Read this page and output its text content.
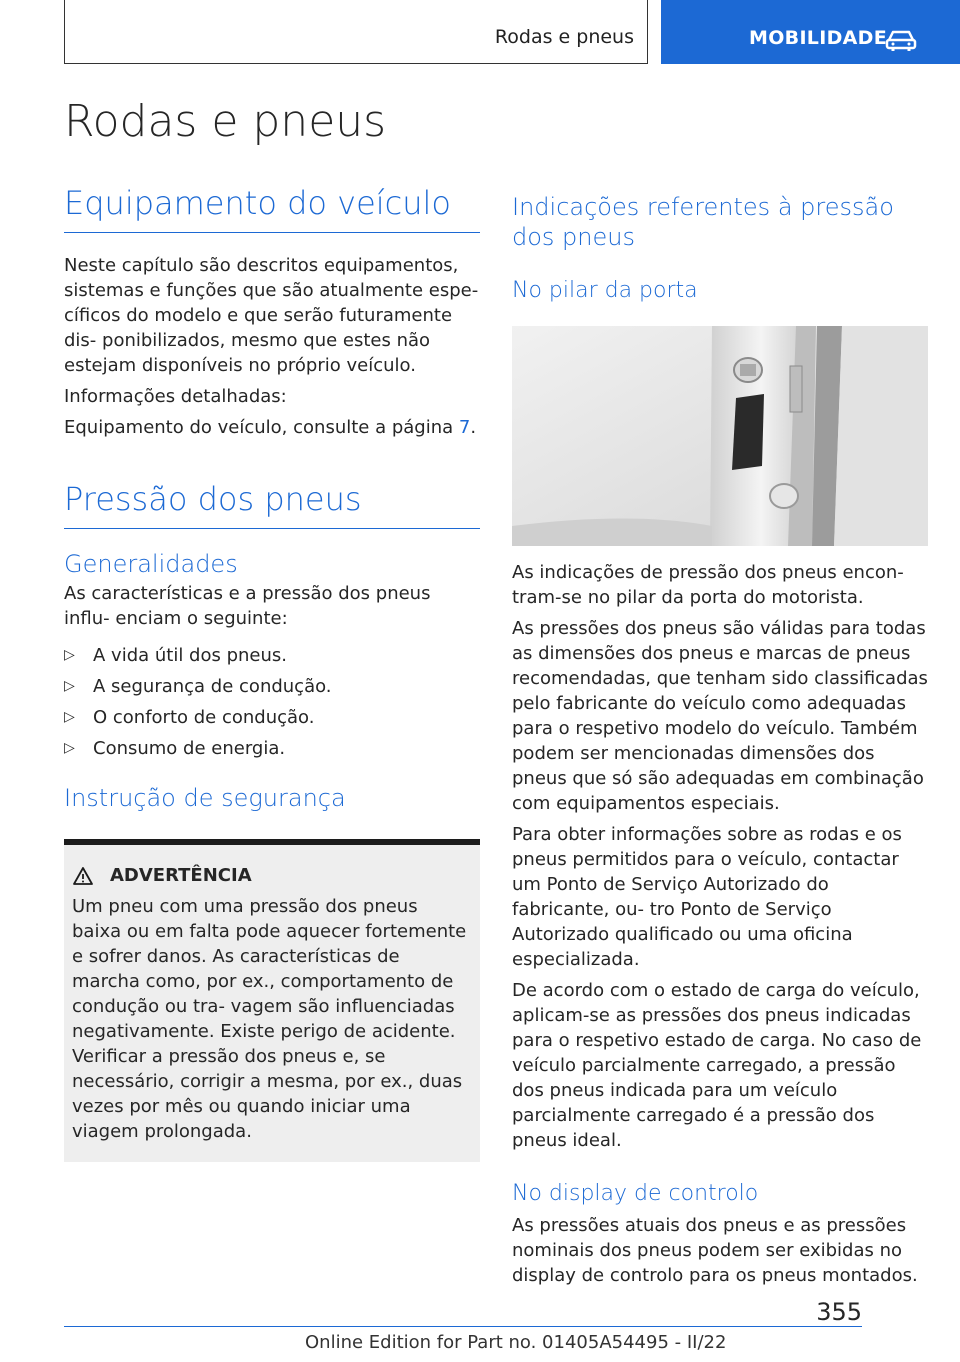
Rodas e pneus	MOBILIDADE
Rodas e pneus
Equipamento do veículo

Neste capítulo são descritos equipamentos, sistemas e funções que são atualmente espe- cíficos do modelo e que serão futuramente dis- ponibilizados, mesmo que estes não estejam disponíveis no próprio veículo.

Informações detalhadas:

Equipamento do veículo, consulte a página 7.

Pressão dos pneus
Generalidades

As características e a pressão dos pneus influ- enciam o seguinte:

▷ A vida útil dos pneus.

▷ A segurança de condução.

▷ O conforto de condução.

▷ Consumo de energia.

Instrução de segurança
ADVERTÊNCIA

Um pneu com uma pressão dos pneus baixa ou em falta pode aquecer fortemente e sofrer danos. As características de marcha como, por ex., comportamento de condução ou tra- vagem são influenciadas negativamente. Existe perigo de acidente. Verificar a pressão dos pneus e, se necessário, corrigir a mesma, por ex., duas vezes por mês ou quando iniciar uma viagem prolongada.

Indicações referentes à pressão dos pneus
No pilar da porta

As indicações de pressão dos pneus encon- tram-se no pilar da porta do motorista.

As pressões dos pneus são válidas para todas as dimensões dos pneus e marcas de pneus recomendadas, que tenham sido classificadas pelo fabricante do veículo como adequadas para o respetivo modelo do veículo. Também podem ser mencionadas dimensões dos pneus que só são adequadas em combinação com equipamentos especiais.

Para obter informações sobre as rodas e os pneus permitidos para o veículo, contactar um Ponto de Serviço Autorizado do fabricante, ou- tro Ponto de Serviço Autorizado qualificado ou uma oficina especializada.

De acordo com o estado de carga do veículo, aplicam-se as pressões dos pneus indicadas para o respetivo estado de carga. No caso de veículo parcialmente carregado, a pressão dos pneus indicada para um veículo parcialmente carregado é a pressão dos pneus ideal.

No display de controlo

As pressões atuais dos pneus e as pressões nominais dos pneus podem ser exibidas no display de controlo para os pneus montados.

355
Online Edition for Part no. 01405A54495 - II/22
